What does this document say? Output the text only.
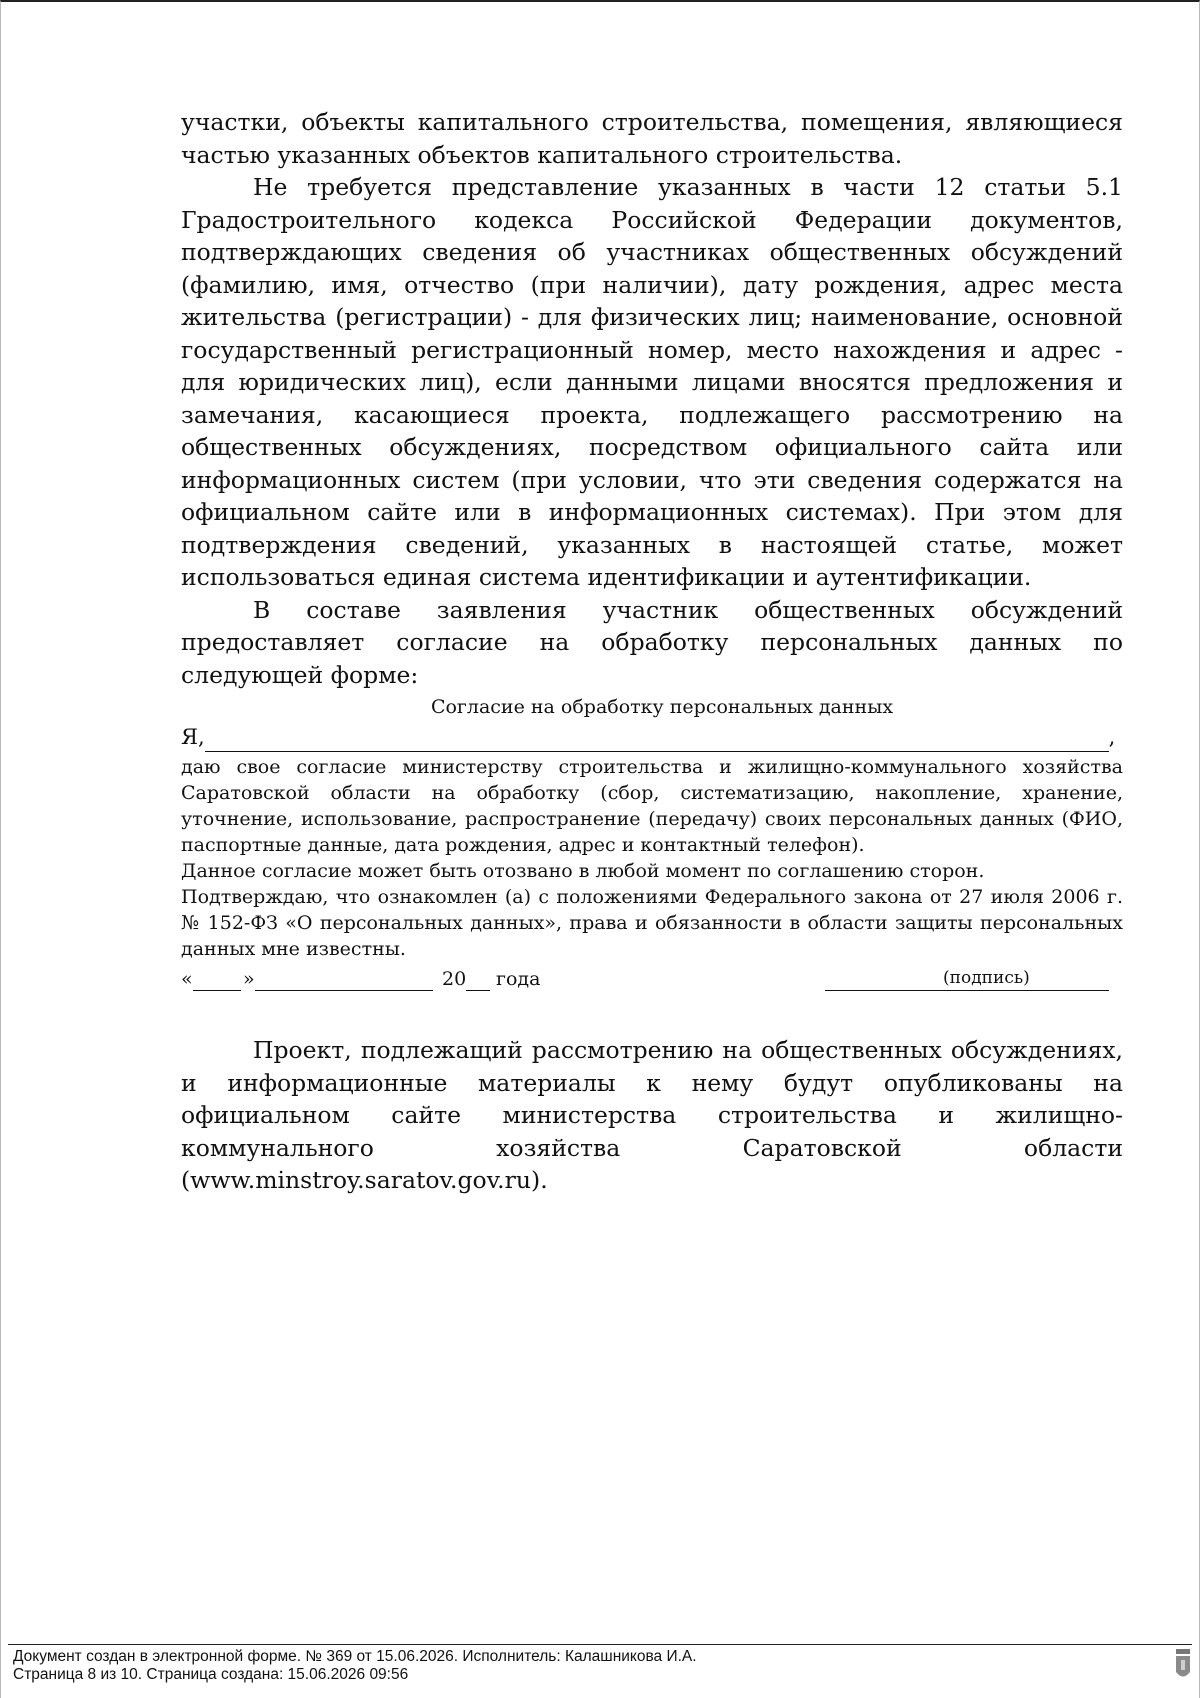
участки, объекты капитального строительства, помещения, являющиеся частью указанных объектов капитального строительства.

Не требуется представление указанных в части 12 статьи 5.1 Градостроительного кодекса Российской Федерации документов, подтверждающих сведения об участниках общественных обсуждений (фамилию, имя, отчество (при наличии), дату рождения, адрес места жительства (регистрации) - для физических лиц; наименование, основной государственный регистрационный номер, место нахождения и адрес - для юридических лиц), если данными лицами вносятся предложения и замечания, касающиеся проекта, подлежащего рассмотрению на общественных обсуждениях, посредством официального сайта или информационных систем (при условии, что эти сведения содержатся на официальном сайте или в информационных системах). При этом для подтверждения сведений, указанных в настоящей статье, может использоваться единая система идентификации и аутентификации.

В составе заявления участник общественных обсуждений предоставляет согласие на обработку персональных данных по следующей форме:

Согласие на обработку персональных данных
Я,	,

даю свое согласие министерству строительства и жилищно-коммунального хозяйства Саратовской области на обработку (сбор, систематизацию, накопление, хранение, уточнение, использование, распространение (передачу) своих персональных данных (ФИО, паспортные данные, дата рождения, адрес и контактный телефон).

Данное согласие может быть отозвано в любой момент по соглашению сторон.

Подтверждаю, что ознакомлен (а) с положениями Федерального закона от 27 июля 2006 г. № 152-ФЗ «О персональных данных», права и обязанности в области защиты персональных данных мне известны.

«	»	20 года	(подпись)

Проект, подлежащий рассмотрению на общественных обсуждениях, и информационные материалы к нему будут опубликованы на официальном сайте министерства строительства и жилищно-коммунального хозяйства Саратовской области (www.minstroy.saratov.gov.ru).

Документ создан в электронной форме. № 369 от 15.06.2026. Исполнитель: Калашникова И.А.
Страница 8 из 10. Страница создана: 15.06.2026 09:56
